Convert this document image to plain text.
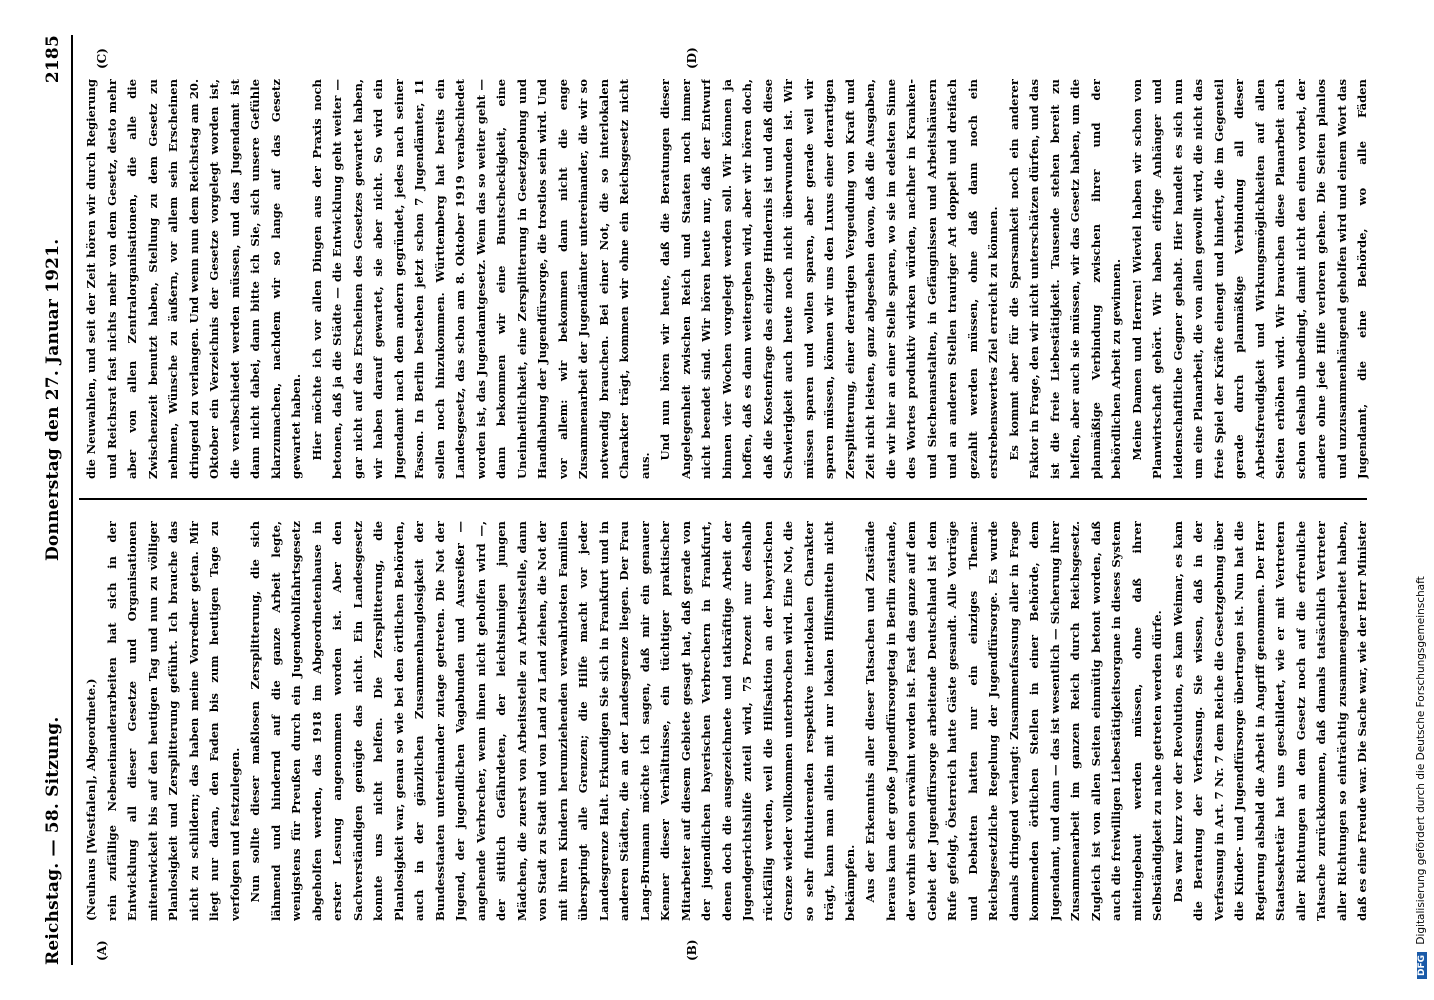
Reichstag. — 58. Sitzung.
Donnerstag den 27. Januar 1921.
2185
(A)	(B)
(C)	(D)

(Neuhaus [Westfalen], Abgeordnete.) rein zufällige Nebeneinanderarbeiten hat sich in der Entwicklung all dieser Gesetze und Organisationen mitentwickelt bis auf den heutigen Tag und nun zu völliger Planlosigkeit und Zersplitterung geführt. Ich brauche das nicht zu schildern; das haben meine Vorredner getan. Mir liegt nur daran, den Faden bis zum heutigen Tage zu verfolgen und festzulegen. Nun sollte dieser maßlosen Zersplitterung, die sich lähmend und hindernd auf die ganze Arbeit legte, wenigstens für Preußen durch ein Jugendwohlfahrtsgesetz abgeholfen werden, das 1918 im Abgeordnetenhause in erster Lesung angenommen worden ist. Aber den Sachverständigen genügte das nicht. Ein Landesgesetz konnte uns nicht helfen. Die Zersplitterung, die Planlosigkeit war, genau so wie bei den örtlichen Behörden, auch in der gänzlichen Zusammenhanglosigkeit der Bundesstaaten untereinander zutage getreten. Die Not der Jugend, der jugendlichen Vagabunden und Ausreißer — angehende Verbrecher, wenn ihnen nicht geholfen wird —, der sittlich Gefährdeten, der leichtsinnigen jungen Mädchen, die zuerst von Arbeitsstelle zu Arbeitsstelle, dann von Stadt zu Stadt und von Land zu Land ziehen, die Not der mit ihren Kindern herumziehenden verwahrlosten Familien überspringt alle Grenzen; die Hilfe macht vor jeder Landesgrenze Halt. Erkundigen Sie sich in Frankfurt und in anderen Städten, die an der Landesgrenze liegen. Der Frau Lang-Brumann möchte ich sagen, daß mir ein genauer Kenner dieser Verhältnisse, ein tüchtiger praktischer Mitarbeiter auf diesem Gebiete gesagt hat, daß gerade von der jugendlichen bayerischen Verbrechern in Frankfurt, denen doch die ausgezeichnete und tatkräftige Arbeit der Jugendgerichtshilfe zuteil wird, 75 Prozent nur deshalb rückfällig werden, weil die Hilfsaktion an der bayerischen Grenze wieder vollkommen unterbrochen wird. Eine Not, die so sehr fluktuierenden respektive interlokalen Charakter trägt, kann man allein mit nur lokalen Hilfsmitteln nicht bekämpfen. Aus der Erkenntnis aller dieser Tatsachen und Zustände heraus kam der große Jugendfürsorgetag in Berlin zustande, der vorhin schon erwähnt worden ist. Fast das ganze auf dem Gebiet der Jugendfürsorge arbeitende Deutschland ist dem Rufe gefolgt, Österreich hatte Gäste gesandt. Alle Vorträge und Debatten hatten nur ein einziges Thema: Reichsgesetzliche Regelung der Jugendfürsorge. Es wurde damals dringend verlangt: Zusammenfassung aller in Frage kommenden örtlichen Stellen in einer Behörde, dem Jugendamt, und dann — das ist wesentlich — Sicherung ihrer Zusammenarbeit im ganzen Reich durch Reichsgesetz. Zugleich ist von allen Seiten einmütig betont worden, daß auch die freiwilligen Liebestätigkeitsorgane in dieses System miteingebaut werden müssen, ohne daß ihrer Selbständigkeit zu nahe getreten werden dürfe. Das war kurz vor der Revolution, es kam Weimar, es kam die Beratung der Verfassung. Sie wissen, daß in der Verfassung in Art. 7 Nr. 7 dem Reiche die Gesetzgebung über die Kinder- und Jugendfürsorge übertragen ist. Nun hat die Regierung alsbald die Arbeit in Angriff genommen. Der Herr Staatssekretär hat uns geschildert, wie er mit Vertretern aller Richtungen an dem Gesetz noch auf die erfreuliche Tatsache zurückkommen, daß damals tatsächlich Vertreter aller Richtungen so einträchtig zusammengearbeitet haben, daß es eine Freude war. Die Sache war, wie der Herr Minister

die Neuwahlen, und seit der Zeit hören wir durch Regierung und Reichsrat fast nichts mehr von dem Gesetz, desto mehr aber von allen Zentralorganisationen, die alle die Zwischenzeit benutzt haben, Stellung zu dem Gesetz zu nehmen, Wünsche zu äußern, vor allem sein Erscheinen dringend zu verlangen. Und wenn nun dem Reichstag am 20. Oktober ein Verzeichnis der Gesetze vorgelegt worden ist, die verabschiedet werden müssen, und das Jugendamt ist dann nicht dabei, dann bitte ich Sie, sich unsere Gefühle klarzumachen, nachdem wir so lange auf das Gesetz gewartet haben. Hier möchte ich vor allen Dingen aus der Praxis noch betonen, daß ja die Städte — die Entwicklung geht weiter — gar nicht auf das Erscheinen des Gesetzes gewartet haben, wir haben darauf gewartet, sie aber nicht. So wird ein Jugendamt nach dem andern gegründet, jedes nach seiner Fasson. In Berlin bestehen jetzt schon 7 Jugendämter, 11 sollen noch hinzukommen. Württemberg hat bereits ein Landesgesetz, das schon am 8. Oktober 1919 verabschiedet worden ist, das Jugendamtgesetz. Wenn das so weiter geht — dann bekommen wir eine Buntscheckigkeit, eine Uneinheitlichkeit, eine Zersplitterung in Gesetzgebung und Handhabung der Jugendfürsorge, die trostlos sein wird. Und vor allem: wir bekommen dann nicht die enge Zusammenarbeit der Jugendämter untereinander, die wir so notwendig brauchen. Bei einer Not, die so interlokalen Charakter trägt, kommen wir ohne ein Reichsgesetz nicht aus.

Und nun hören wir heute, daß die Beratungen dieser Angelegenheit zwischen Reich und Staaten noch immer nicht beendet sind. Wir hören heute nur, daß der Entwurf binnen vier Wochen vorgelegt werden soll. Wir können ja hoffen, daß es dann weitergehen wird, aber wir hören doch, daß die Kostenfrage das einzige Hindernis ist und daß diese Schwierigkeit auch heute noch nicht überwunden ist. Wir müssen sparen und wollen sparen, aber gerade weil wir sparen müssen, können wir uns den Luxus einer derartigen Zersplitterung, einer derartigen Vergeudung von Kraft und Zeit nicht leisten, ganz abgesehen davon, daß die Ausgaben, die wir hier an einer Stelle sparen, wo sie im edelsten Sinne des Wortes produktiv wirken würden, nachher in Kranken- und Siechenanstalten, in Gefängnissen und Arbeitshäusern und an anderen Stellen trauriger Art doppelt und dreifach gezahlt werden müssen, ohne daß dann noch ein erstrebenswertes Ziel erreicht zu können. Es kommt aber für die Sparsamkeit noch ein anderer Faktor in Frage, den wir nicht unterschätzen dürfen, und das ist die freie Liebestätigkeit. Tausende stehen bereit zu helfen, aber auch sie müssen, wir das Gesetz haben, um die planmäßige Verbindung zwischen ihrer und der behördlichen Arbeit zu gewinnen. Meine Damen und Herren! Wieviel haben wir schon von Planwirtschaft gehört. Wir haben eifrige Anhänger und leidenschaftliche Gegner gehabt. Hier handelt es sich nun um eine Planarbeit, die von allen gewollt wird, die nicht das freie Spiel der Kräfte einengt und hindert, die im Gegenteil gerade durch planmäßige Verbindung all dieser Arbeitsfreudigkeit und Wirkungsmöglichkeiten auf allen Seiten erhöhen wird. Wir brauchen diese Planarbeit auch schon deshalb unbedingt, damit nicht den einen vorbei, der andere ohne jede Hilfe verloren gehen. Die Seiten planlos und unzusammenhängend geholfen wird und einem Wort das Jugendamt, die eine Behörde, wo alle Fäden

DFG Digitalisierung gefördert durch die Deutsche Forschungsgemeinschaft
